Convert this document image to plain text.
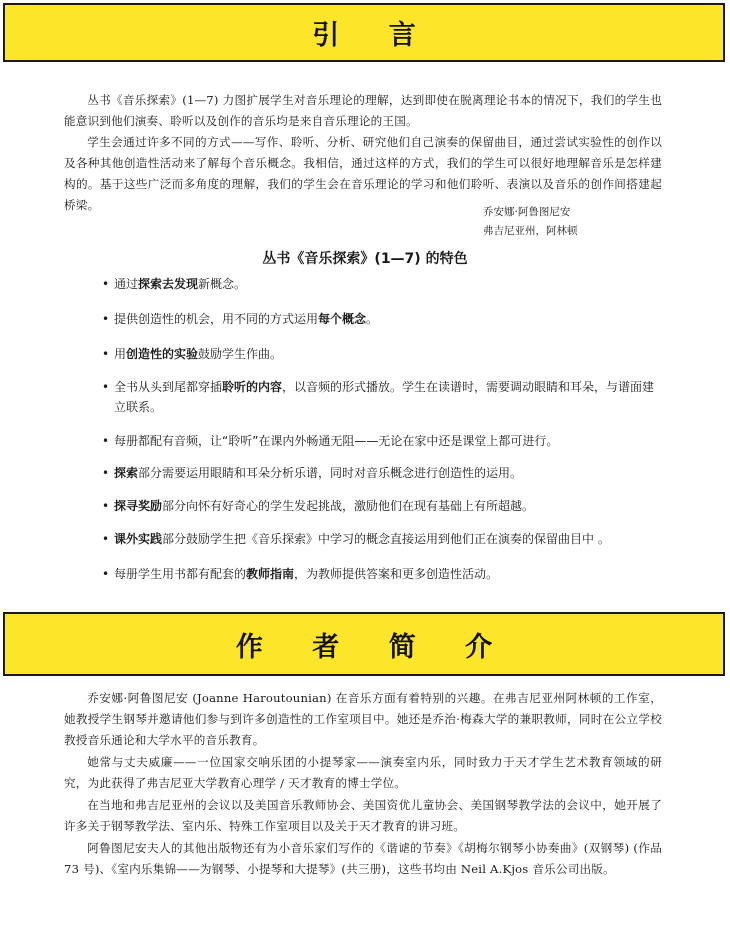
引 言

丛书《音乐探索》(1—7) 力图扩展学生对音乐理论的理解，达到即使在脱离理论书本的情况下，我们的学生也能意识到他们演奏、聆听以及创作的音乐均是来自音乐理论的王国。

学生会通过许多不同的方式——写作、聆听、分析、研究他们自己演奏的保留曲目，通过尝试实验性的创作以及各种其他创造性活动来了解每个音乐概念。我相信，通过这样的方式，我们的学生可以很好地理解音乐是怎样建构的。基于这些广泛而多角度的理解，我们的学生会在音乐理论的学习和他们聆听、表演以及音乐的创作间搭建起桥梁。	乔安娜·阿鲁图尼安
弗吉尼亚州，阿林顿
丛书《音乐探索》(1—7) 的特色
• 通过探索去发现新概念。
• 提供创造性的机会，用不同的方式运用每个概念。
• 用创造性的实验鼓励学生作曲。
• 全书从头到尾都穿插聆听的内容，以音频的形式播放。学生在读谱时，需要调动眼睛和耳朵，与谱面建立联系。
• 每册都配有音频，让“聆听”在课内外畅通无阻——无论在家中还是课堂上都可进行。
• 探索部分需要运用眼睛和耳朵分析乐谱，同时对音乐概念进行创造性的运用。
• 探寻奖励部分向怀有好奇心的学生发起挑战，激励他们在现有基础上有所超越。
• 课外实践部分鼓励学生把《音乐探索》中学习的概念直接运用到他们正在演奏的保留曲目中 。
• 每册学生用书都有配套的教师指南，为教师提供答案和更多创造性活动。
作 者 简 介

乔安娜·阿鲁图尼安 (Joanne Haroutounian) 在音乐方面有着特别的兴趣。在弗吉尼亚州阿林顿的工作室，她教授学生钢琴并邀请他们参与到许多创造性的工作室项目中。她还是乔治·梅森大学的兼职教师，同时在公立学校教授音乐通论和大学水平的音乐教育。

她常与丈夫威廉——一位国家交响乐团的小提琴家——演奏室内乐，同时致力于天才学生艺术教育领域的研究，为此获得了弗吉尼亚大学教育心理学 / 天才教育的博士学位。

在当地和弗吉尼亚州的会议以及美国音乐教师协会、美国资优儿童协会、美国钢琴教学法的会议中，她开展了许多关于钢琴教学法、室内乐、特殊工作室项目以及关于天才教育的讲习班。

阿鲁图尼安夫人的其他出版物还有为小音乐家们写作的《谐谑的节奏》《胡梅尔钢琴小协奏曲》(双钢琴) (作品 73 号)、《室内乐集锦——为钢琴、小提琴和大提琴》(共三册)，这些书均由 Neil A.Kjos 音乐公司出版。
